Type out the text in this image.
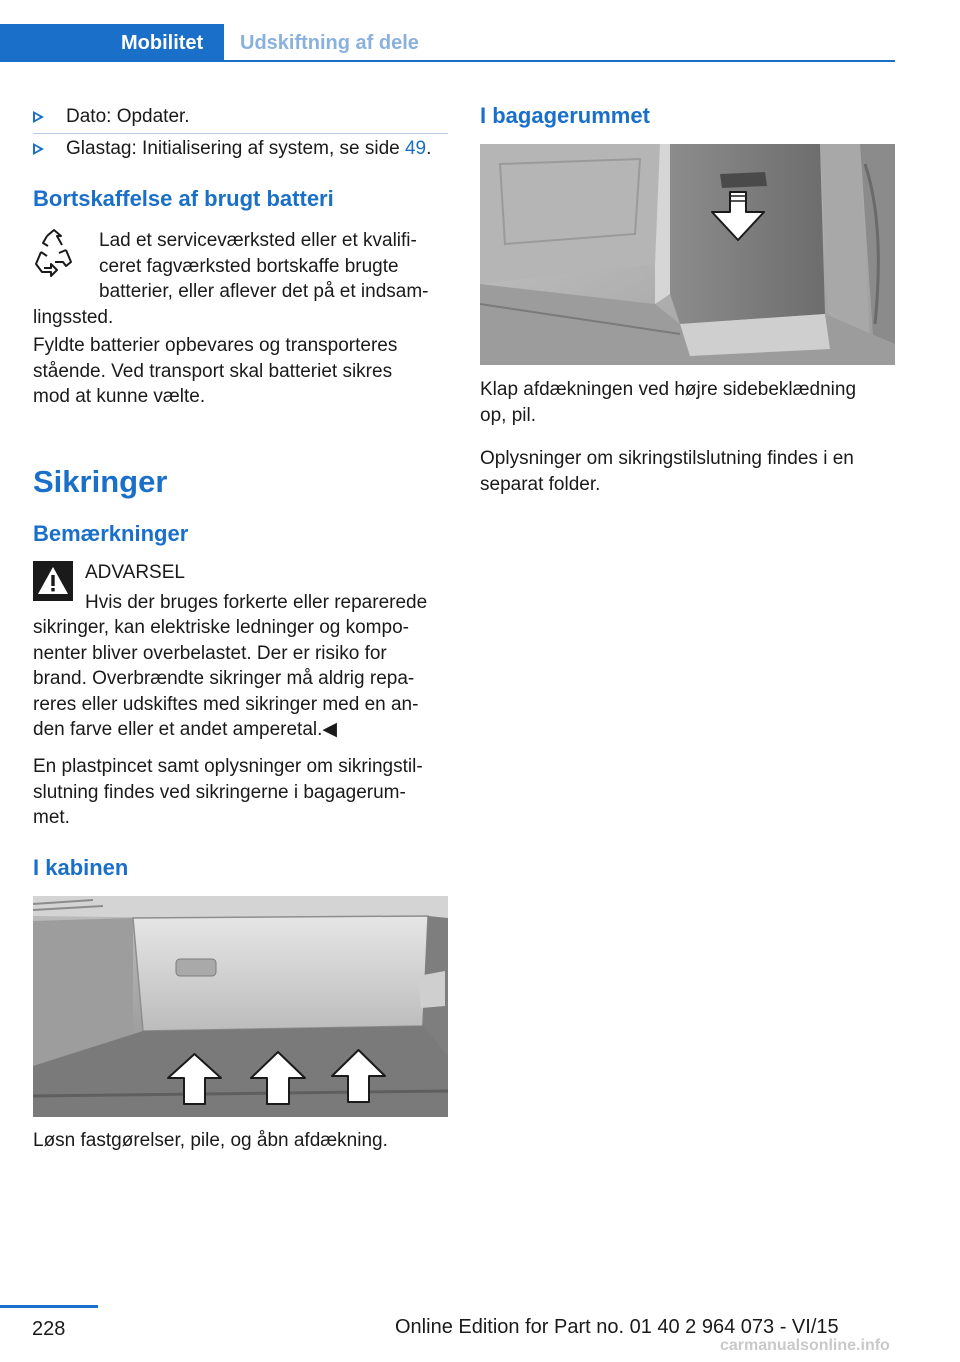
Mobilitet	Udskiftning af dele
Dato: Opdater.
Glastag: Initialisering af system, se side 49.
Bortskaffelse af brugt batteri
Lad et serviceværksted eller et kvalifi‐
ceret fagværksted bortskaffe brugte
batterier, eller aflever det på et indsam‐
lingssted.
Fyldte batterier opbevares og transporteres
stående. Ved transport skal batteriet sikres
mod at kunne vælte.
Sikringer
Bemærkninger
ADVARSEL
Hvis der bruges forkerte eller reparerede
sikringer, kan elektriske ledninger og kompo‐
nenter bliver overbelastet. Der er risiko for
brand. Overbrændte sikringer må aldrig repa‐
reres eller udskiftes med sikringer med en an‐
den farve eller et andet amperetal.◀
En plastpincet samt oplysninger om sikringstil‐
slutning findes ved sikringerne i bagagerum‐
met.
I kabinen
Løsn fastgørelser, pile, og åbn afdækning.
I bagagerummet
Klap afdækningen ved højre sidebeklædning
op, pil.
Oplysninger om sikringstilslutning findes i en
separat folder.
228	Online Edition for Part no. 01 40 2 964 073 - VI/15
carmanualsonline.info
